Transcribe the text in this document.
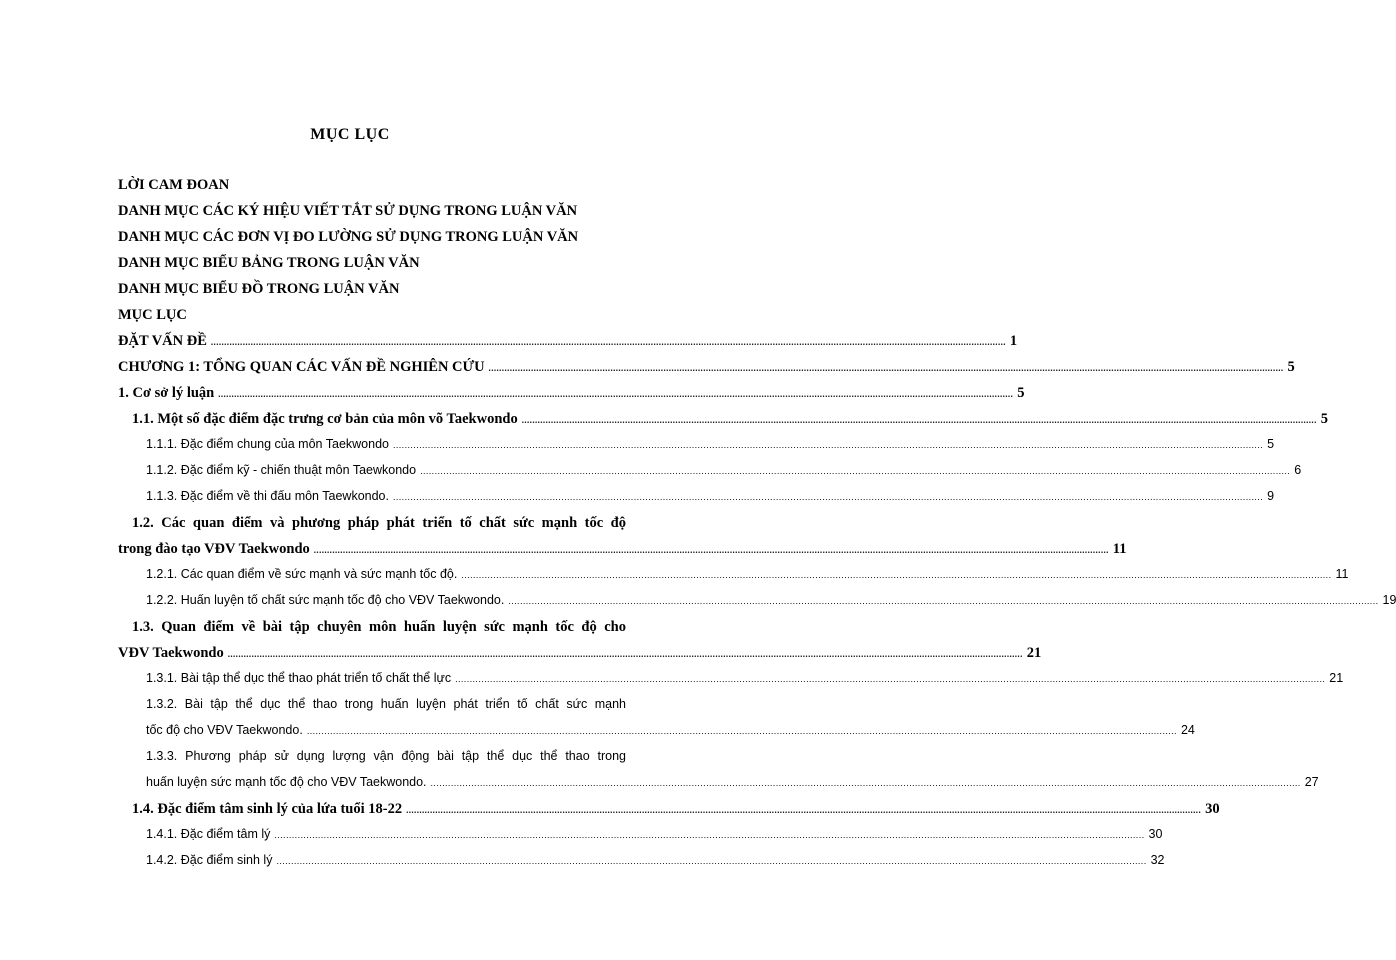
MỤC LỤC
LỜI CAM ĐOAN
DANH MỤC CÁC KÝ HIỆU VIẾT TẮT SỬ DỤNG TRONG LUẬN VĂN
DANH MỤC CÁC ĐƠN VỊ ĐO LƯỜNG SỬ DỤNG TRONG LUẬN VĂN
DANH MỤC BIỂU BẢNG TRONG LUẬN VĂN
DANH MỤC BIỂU ĐỒ TRONG LUẬN VĂN
MỤC LỤC
ĐẶT VẤN ĐỀ ............................................................................................................................................................................................................................................................................................................ 1
CHƯƠNG 1: TỔNG QUAN CÁC VẤN ĐỀ NGHIÊN CỨU ............................................................................................................................................................................................................................................................................................................ 5
1. Cơ sở lý luận ............................................................................................................................................................................................................................................................................................................ 5
1.1. Một số đặc điểm đặc trưng cơ bản của môn võ Taekwondo ............................................................................................................................................................................................................................................................................................................ 5
1.1.1. Đặc điểm chung của môn Taekwondo ............................................................................................................................................................................................................................................................................................................ 5
1.1.2. Đặc điểm kỹ - chiến thuật môn Taewkondo ............................................................................................................................................................................................................................................................................................................ 6
1.1.3. Đặc điểm về thi đấu môn Taewkondo. ............................................................................................................................................................................................................................................................................................................ 9
1.2. Các quan điểm và phương pháp phát triển tố chất sức mạnh tốc độ
trong đào tạo VĐV Taekwondo ............................................................................................................................................................................................................................................................................................................ 11
1.2.1. Các quan điểm về sức mạnh và sức mạnh tốc độ. ............................................................................................................................................................................................................................................................................................................ 11
1.2.2. Huấn luyện tố chất sức mạnh tốc độ cho VĐV Taekwondo. ............................................................................................................................................................................................................................................................................................................ 19
1.3. Quan điểm về bài tập chuyên môn huấn luyện sức mạnh tốc độ cho
VĐV Taekwondo ............................................................................................................................................................................................................................................................................................................ 21
1.3.1. Bài tập thể dục thể thao phát triển tố chất thể lực ............................................................................................................................................................................................................................................................................................................ 21
1.3.2. Bài tập thể dục thể thao trong huấn luyện phát triển tố chất sức mạnh
tốc độ cho VĐV Taekwondo. ............................................................................................................................................................................................................................................................................................................ 24
1.3.3. Phương pháp sử dụng lượng vận động bài tập thể dục thể thao trong
huấn luyện sức mạnh tốc độ cho VĐV Taekwondo. ............................................................................................................................................................................................................................................................................................................ 27
1.4. Đặc điểm tâm sinh lý của lứa tuổi 18-22 ............................................................................................................................................................................................................................................................................................................ 30
1.4.1. Đặc điểm tâm lý ............................................................................................................................................................................................................................................................................................................ 30
1.4.2. Đặc điểm sinh lý ............................................................................................................................................................................................................................................................................................................ 32
